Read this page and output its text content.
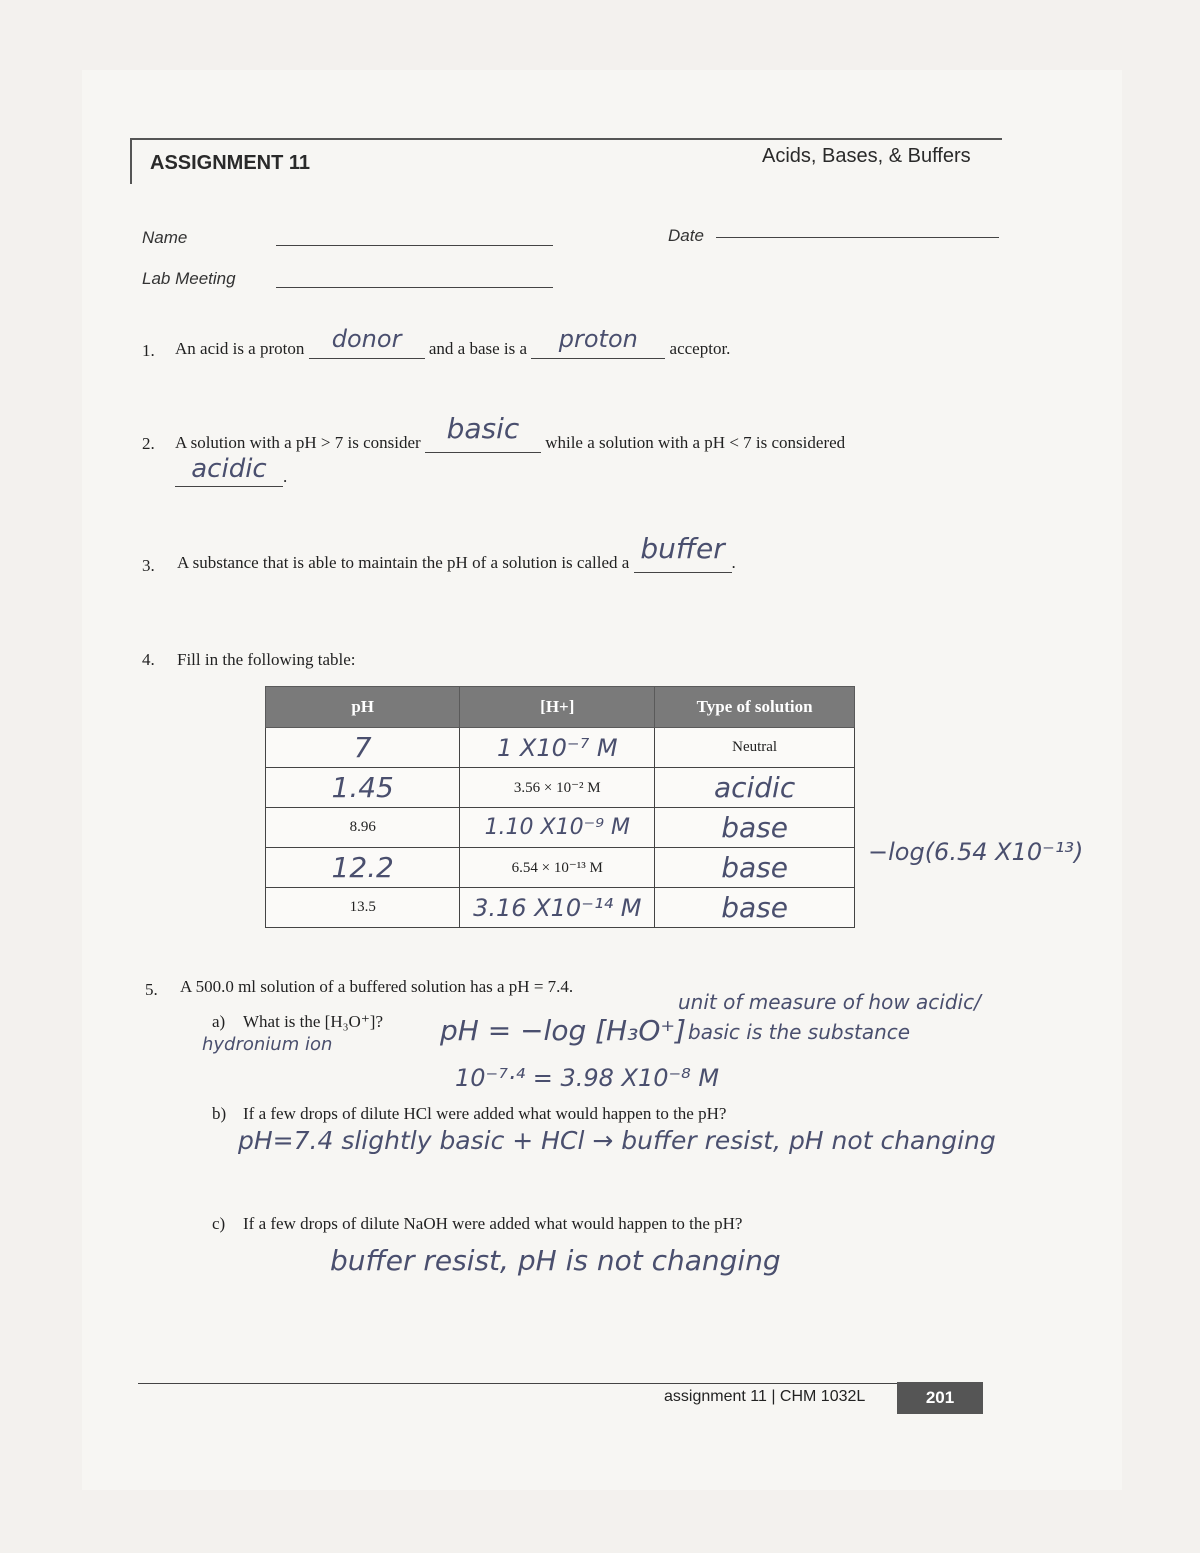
ASSIGNMENT 11	Acids, Bases, & Buffers
Name	Date
Lab Meeting
1. An acid is a proton donor and a base is a proton acceptor.
2. A solution with a pH > 7 is consider basic while a solution with a pH < 7 is considered
acidic .
3. A substance that is able to maintain the pH of a solution is called a buffer .
4. Fill in the following table:
pH	[H+]	Type of solution
7	1 X10⁻⁷ M	Neutral
1.45	3.56 × 10⁻² M	acidic
8.96	1.10 X10⁻⁹ M	base
12.2	6.54 × 10⁻¹³ M	base
13.5	3.16 X10⁻¹⁴ M	base
−log(6.54 X10⁻¹³)
5. A 500.0 ml solution of a buffered solution has a pH = 7.4.
a) What is the [H₃O⁺]?
hydronium ion	pH = −log [H₃O⁺]
unit of measure of how acidic/
basic is the substance
10⁻⁷·⁴ = 3.98 X10⁻⁸ M
b) If a few drops of dilute HCl were added what would happen to the pH?
pH=7.4 slightly basic + HCl → buffer resist, pH not changing
c) If a few drops of dilute NaOH were added what would happen to the pH?
buffer resist, pH is not changing
assignment 11 | CHM 1032L	201
